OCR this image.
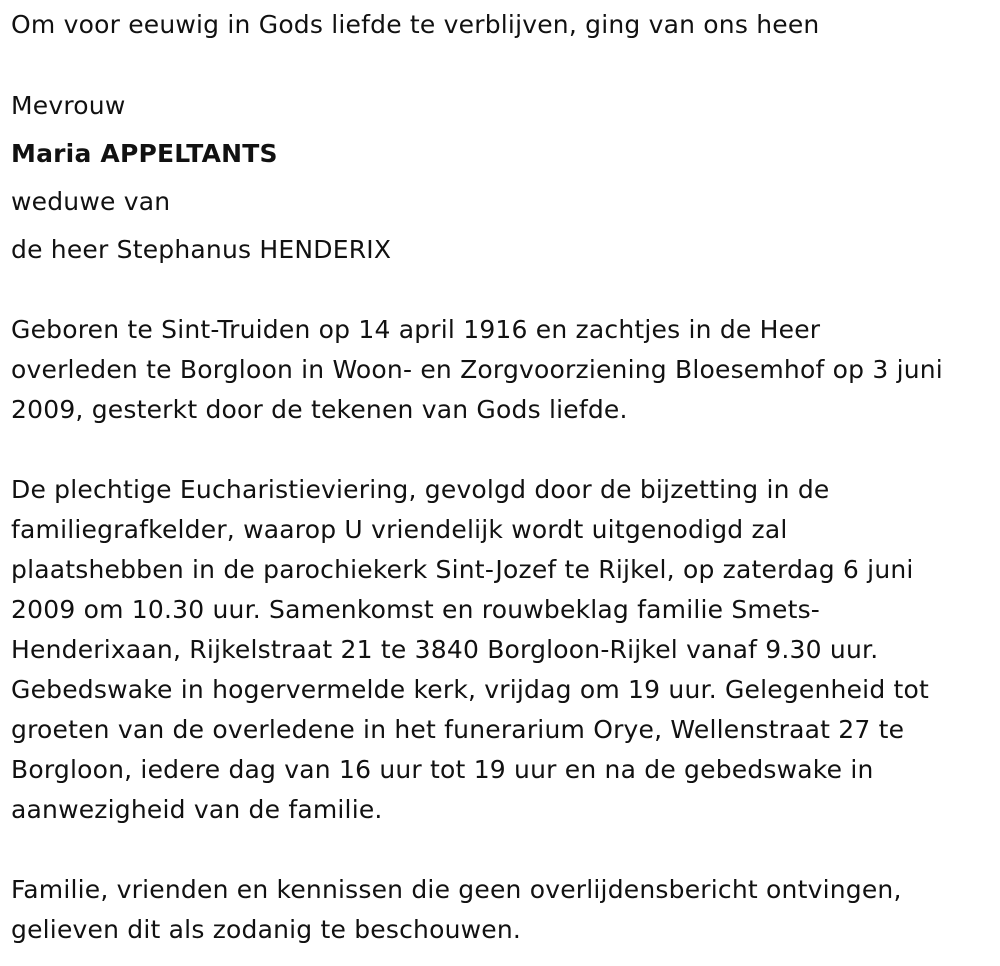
Om voor eeuwig in Gods liefde te verblijven, ging van ons heen
Mevrouw
Maria APPELTANTS
weduwe van
de heer Stephanus HENDERIX
Geboren te Sint-Truiden op 14 april 1916 en zachtjes in de Heer
overleden te Borgloon in Woon- en Zorgvoorziening Bloesemhof op 3 juni
2009, gesterkt door de tekenen van Gods liefde.
De plechtige Eucharistieviering, gevolgd door de bijzetting in de
familiegrafkelder, waarop U vriendelijk wordt uitgenodigd zal
plaatshebben in de parochiekerk Sint-Jozef te Rijkel, op zaterdag 6 juni
2009 om 10.30 uur. Samenkomst en rouwbeklag familie Smets-
Henderixaan, Rijkelstraat 21 te 3840 Borgloon-Rijkel vanaf 9.30 uur.
Gebedswake in hogervermelde kerk, vrijdag om 19 uur. Gelegenheid tot
groeten van de overledene in het funerarium Orye, Wellenstraat 27 te
Borgloon, iedere dag van 16 uur tot 19 uur en na de gebedswake in
aanwezigheid van de familie.
Familie, vrienden en kennissen die geen overlijdensbericht ontvingen,
gelieven dit als zodanig te beschouwen.
